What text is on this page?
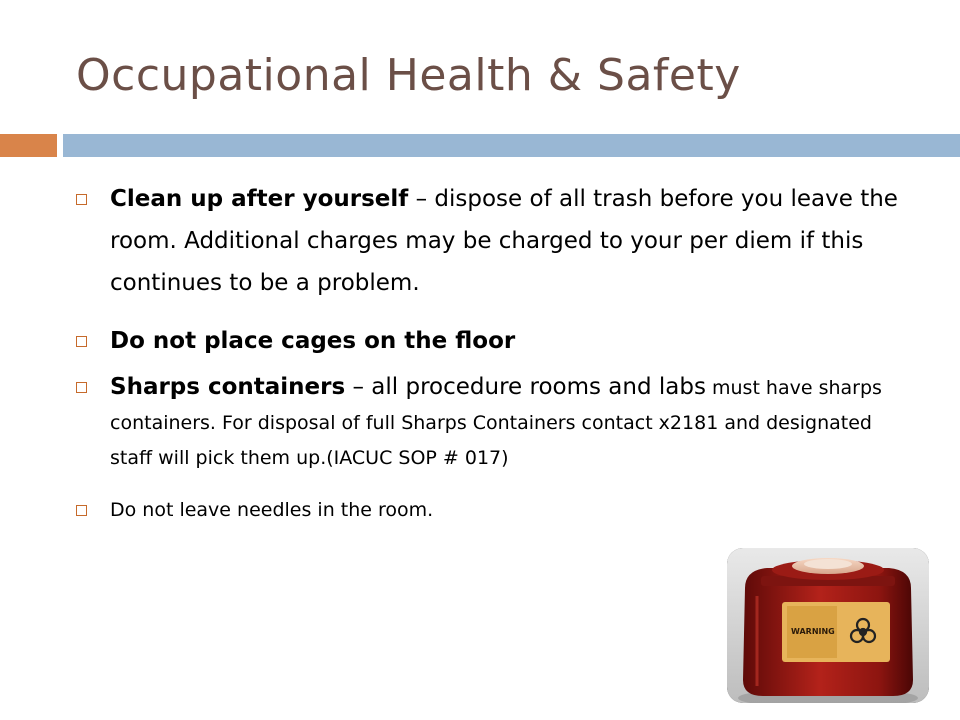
Occupational Health & Safety
Clean up after yourself – dispose of all trash before you leave the room. Additional charges may be charged to your per diem if this continues to be a problem.
Do not place cages on the floor
Sharps containers – all procedure rooms and labs must have sharps containers. For disposal of full Sharps Containers contact x2181 and designated staff will pick them up.(IACUC SOP # 017)
Do not leave needles in the room.
WARNING
